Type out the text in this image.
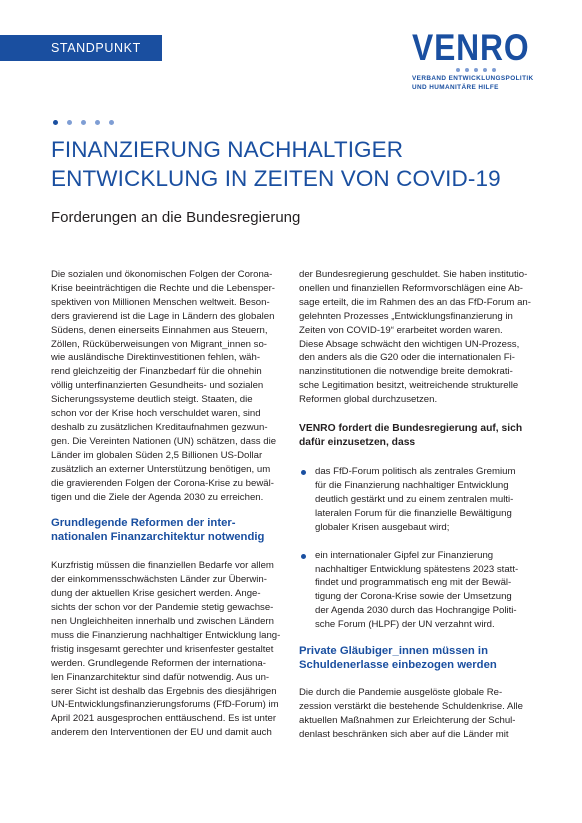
STANDPUNKT	VENRO
VERBAND ENTWICKLUNGSPOLITIK
UND HUMANITÄRE HILFE
FINANZIERUNG NACHHALTIGER
ENTWICKLUNG IN ZEITEN VON COVID-19
Forderungen an die Bundesregierung

Die sozialen und ökonomischen Folgen der Corona-
Krise beeinträchtigen die Rechte und die Lebensper-
spektiven von Millionen Menschen weltweit. Beson-
ders gravierend ist die Lage in Ländern des globalen
Südens, denen einerseits Einnahmen aus Steuern,
Zöllen, Rücküberweisungen von Migrant_innen so-
wie ausländische Direktinvestitionen fehlen, wäh-
rend gleichzeitig der Finanzbedarf für die ohnehin
völlig unterfinanzierten Gesundheits- und sozialen
Sicherungssysteme deutlich steigt. Staaten, die
schon vor der Krise hoch verschuldet waren, sind
deshalb zu zusätzlichen Kreditaufnahmen gezwun-
gen. Die Vereinten Nationen (UN) schätzen, dass die
Länder im globalen Süden 2,5 Billionen US-Dollar
zusätzlich an externer Unterstützung benötigen, um
die gravierenden Folgen der Corona-Krise zu bewäl-
tigen und die Ziele der Agenda 2030 zu erreichen.

Grundlegende Reformen der inter-
nationalen Finanzarchitektur notwendig

Kurzfristig müssen die finanziellen Bedarfe vor allem
der einkommensschwächsten Länder zur Überwin-
dung der aktuellen Krise gesichert werden. Ange-
sichts der schon vor der Pandemie stetig gewachse-
nen Ungleichheiten innerhalb und zwischen Ländern
muss die Finanzierung nachhaltiger Entwicklung lang-
fristig insgesamt gerechter und krisenfester gestaltet
werden. Grundlegende Reformen der internationa-
len Finanzarchitektur sind dafür notwendig. Aus un-
serer Sicht ist deshalb das Ergebnis des diesjährigen
UN-Entwicklungsfinanzierungsforums (FfD-Forum) im
April 2021 ausgesprochen enttäuschend. Es ist unter
anderem den Interventionen der EU und damit auch

der Bundesregierung geschuldet. Sie haben institutio-
onellen und finanziellen Reformvorschlägen eine Ab-
sage erteilt, die im Rahmen des an das FfD-Forum an-
gelehnten Prozesses „Entwicklungsfinanzierung in
Zeiten von COVID-19“ erarbeitet worden waren.
Diese Absage schwächt den wichtigen UN-Prozess,
den anders als die G20 oder die internationalen Fi-
nanzinstitutionen die notwendige breite demokrati-
sche Legitimation besitzt, weitreichende strukturelle
Reformen global durchzusetzen.

VENRO fordert die Bundesregierung auf, sich
dafür einzusetzen, dass

das FfD-Forum politisch als zentrales Gremium
für die Finanzierung nachhaltiger Entwicklung
deutlich gestärkt und zu einem zentralen multi-
lateralen Forum für die finanzielle Bewältigung
globaler Krisen ausgebaut wird;
ein internationaler Gipfel zur Finanzierung
nachhaltiger Entwicklung spätestens 2023 statt-
findet und programmatisch eng mit der Bewäl-
tigung der Corona-Krise sowie der Umsetzung
der Agenda 2030 durch das Hochrangige Politi-
sche Forum (HLPF) der UN verzahnt wird.
Private Gläubiger_innen müssen in
Schuldenerlasse einbezogen werden

Die durch die Pandemie ausgelöste globale Re-
zession verstärkt die bestehende Schuldenkrise. Alle
aktuellen Maßnahmen zur Erleichterung der Schul-
denlast beschränken sich aber auf die Länder mit
